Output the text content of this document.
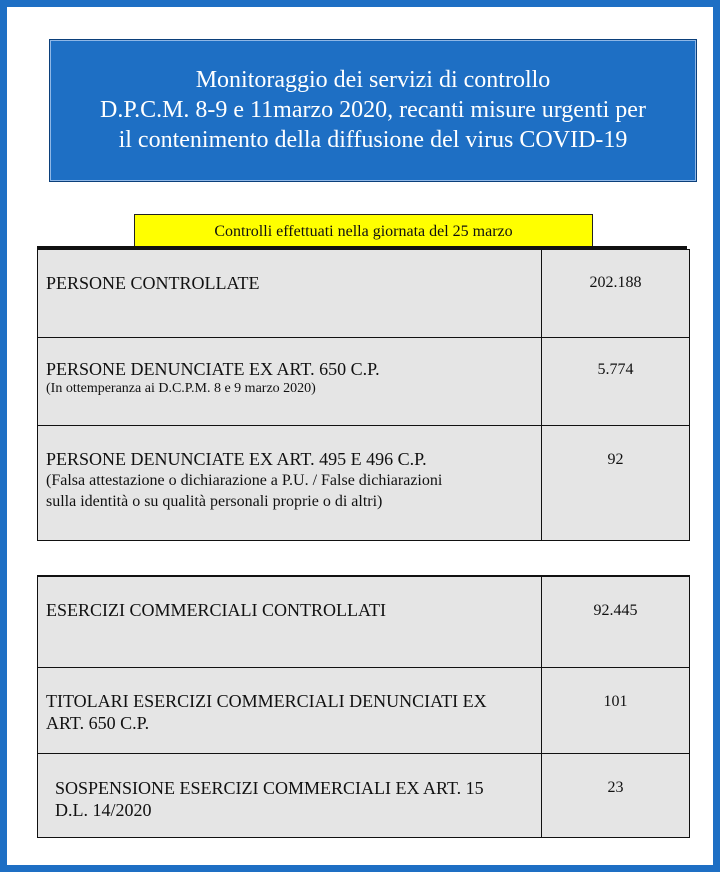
Monitoraggio dei servizi di controllo
D.P.C.M. 8-9 e 11marzo 2020, recanti misure urgenti per
il contenimento della diffusione del virus COVID-19
Controlli effettuati nella giornata del 25 marzo
PERSONE CONTROLLATE	202.188

PERSONE DENUNCIATE EX ART. 650 C.P.
(In ottemperanza ai D.C.P.M. 8 e 9 marzo 2020)	5.774

PERSONE DENUNCIATE EX ART. 495 E 496 C.P.
(Falsa attestazione o dichiarazione a P.U. / False dichiarazioni
sulla identità o su qualità personali proprie o di altri)	92
ESERCIZI COMMERCIALI CONTROLLATI	92.445

TITOLARI ESERCIZI COMMERCIALI DENUNCIATI EX
ART. 650 C.P.	101

SOSPENSIONE ESERCIZI COMMERCIALI EX ART. 15
D.L. 14/2020	23
